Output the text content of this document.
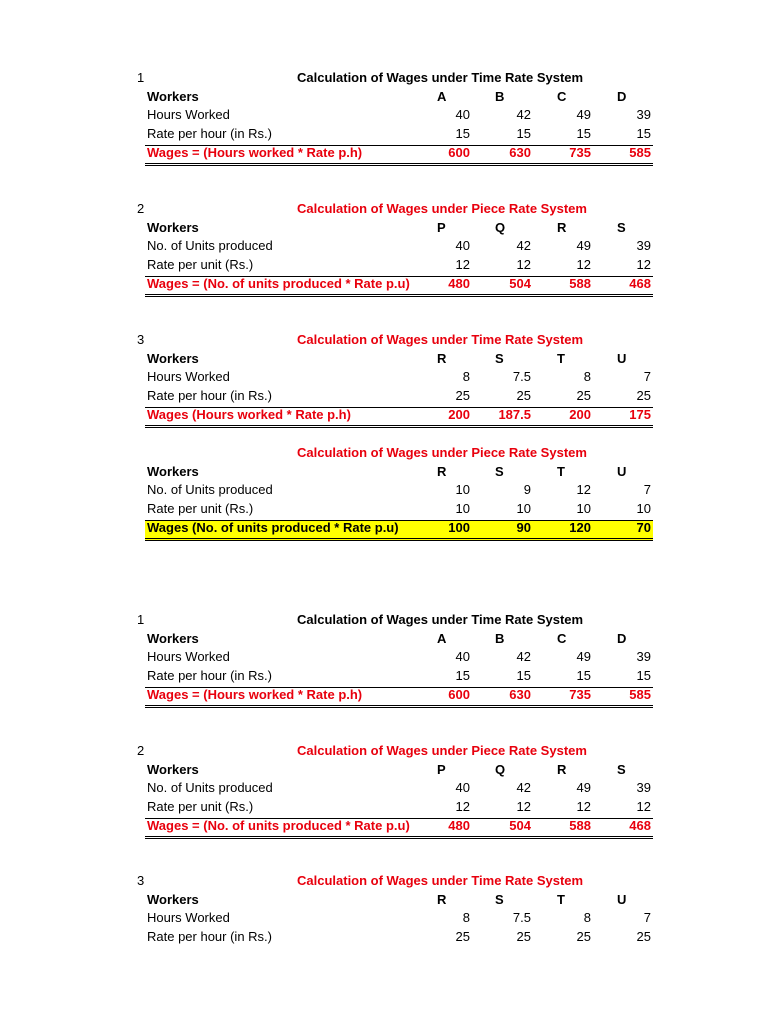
1	Calculation of Wages under Time Rate System
Workers	A	B	C	D
Hours Worked	40	42	49	39
Rate per hour (in Rs.)	15	15	15	15
Wages = (Hours worked * Rate p.h)	600	630	735	585
2	Calculation of Wages under Piece Rate System
Workers	P	Q	R	S
No. of Units produced	40	42	49	39
Rate per unit (Rs.)	12	12	12	12
Wages = (No. of units produced * Rate p.u)	480	504	588	468
3	Calculation of Wages under Time Rate System
Workers	R	S	T	U
Hours Worked	8	7.5	8	7
Rate per hour (in Rs.)	25	25	25	25
Wages (Hours worked * Rate p.h)	200	187.5	200	175
Calculation of Wages under Piece Rate System
Workers	R	S	T	U
No. of Units produced	10	9	12	7
Rate per unit (Rs.)	10	10	10	10
Wages (No. of units produced * Rate p.u)	100	90	120	70
1	Calculation of Wages under Time Rate System
Workers	A	B	C	D
Hours Worked	40	42	49	39
Rate per hour (in Rs.)	15	15	15	15
Wages = (Hours worked * Rate p.h)	600	630	735	585
2	Calculation of Wages under Piece Rate System
Workers	P	Q	R	S
No. of Units produced	40	42	49	39
Rate per unit (Rs.)	12	12	12	12
Wages = (No. of units produced * Rate p.u)	480	504	588	468
3	Calculation of Wages under Time Rate System
Workers	R	S	T	U
Hours Worked	8	7.5	8	7
Rate per hour (in Rs.)	25	25	25	25
